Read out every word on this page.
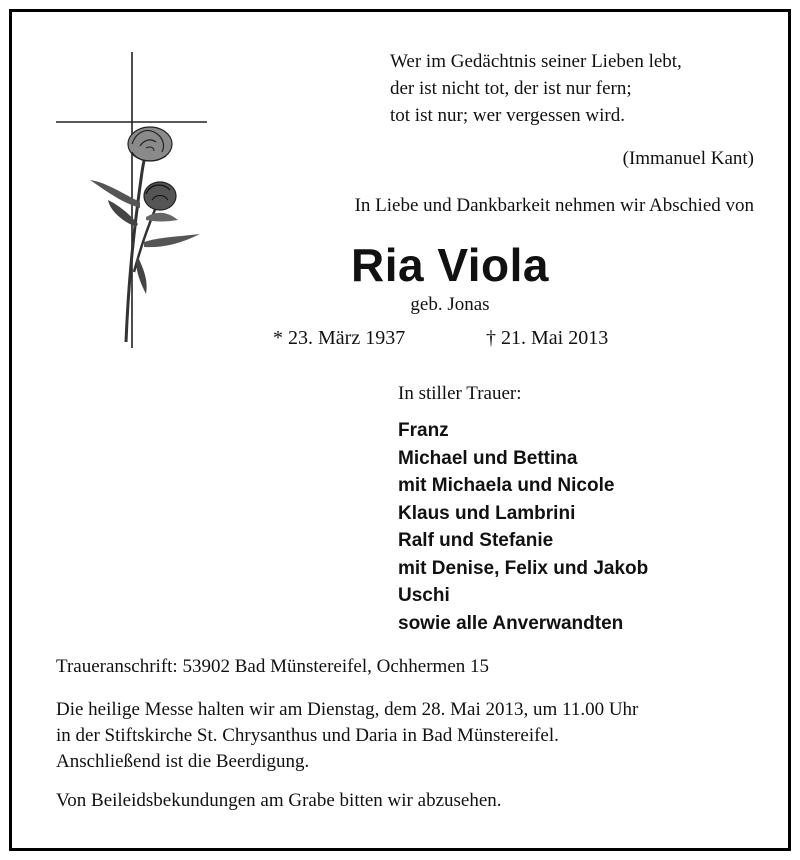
Wer im Gedächtnis seiner Lieben lebt,
der ist nicht tot, der ist nur fern;
tot ist nur; wer vergessen wird.
(Immanuel Kant)
In Liebe und Dankbarkeit nehmen wir Abschied von
Ria Viola
geb. Jonas
* 23. März 1937	† 21. Mai 2013
In stiller Trauer:
Franz
Michael und Bettina
mit Michaela und Nicole
Klaus und Lambrini
Ralf und Stefanie
mit Denise, Felix und Jakob
Uschi
sowie alle Anverwandten
Traueranschrift: 53902 Bad Münstereifel, Ochhermen 15
Die heilige Messe halten wir am Dienstag, dem 28. Mai 2013, um 11.00 Uhr
in der Stiftskirche St. Chrysanthus und Daria in Bad Münstereifel.
Anschließend ist die Beerdigung.
Von Beileidsbekundungen am Grabe bitten wir abzusehen.
